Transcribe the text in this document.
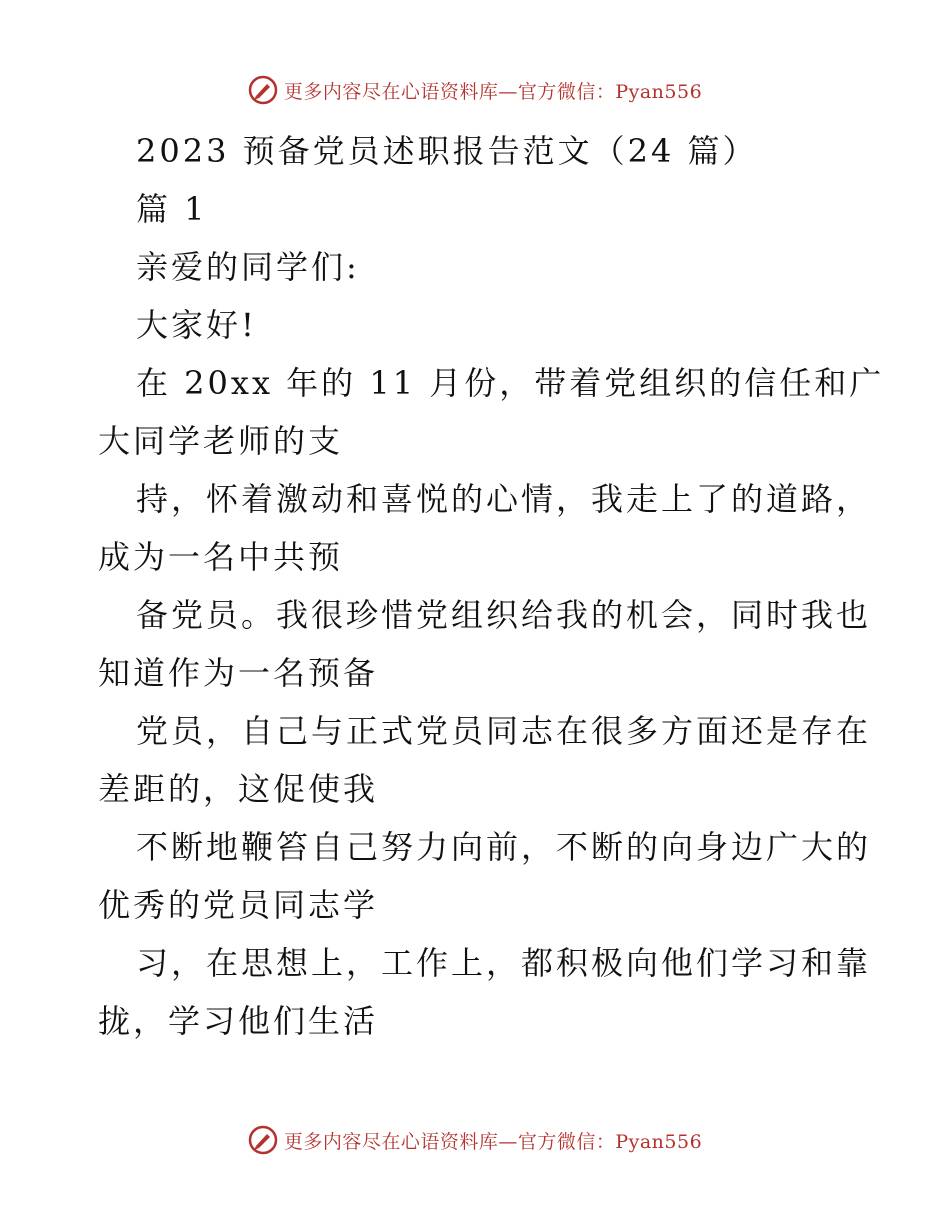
更多内容尽在心语资料库—官方微信：Pyan556
2023 预备党员述职报告范文（24 篇）
篇 1
亲爱的同学们:
大家好!
在 20xx 年的 11 月份，带着党组织的信任和广
大同学老师的支
持，怀着激动和喜悦的心情，我走上了的道路，
成为一名中共预
备党员。我很珍惜党组织给我的机会，同时我也
知道作为一名预备
党员，自己与正式党员同志在很多方面还是存在
差距的，这促使我
不断地鞭笞自己努力向前，不断的向身边广大的
优秀的党员同志学
习，在思想上，工作上，都积极向他们学习和靠
拢，学习他们生活
更多内容尽在心语资料库—官方微信：Pyan556
